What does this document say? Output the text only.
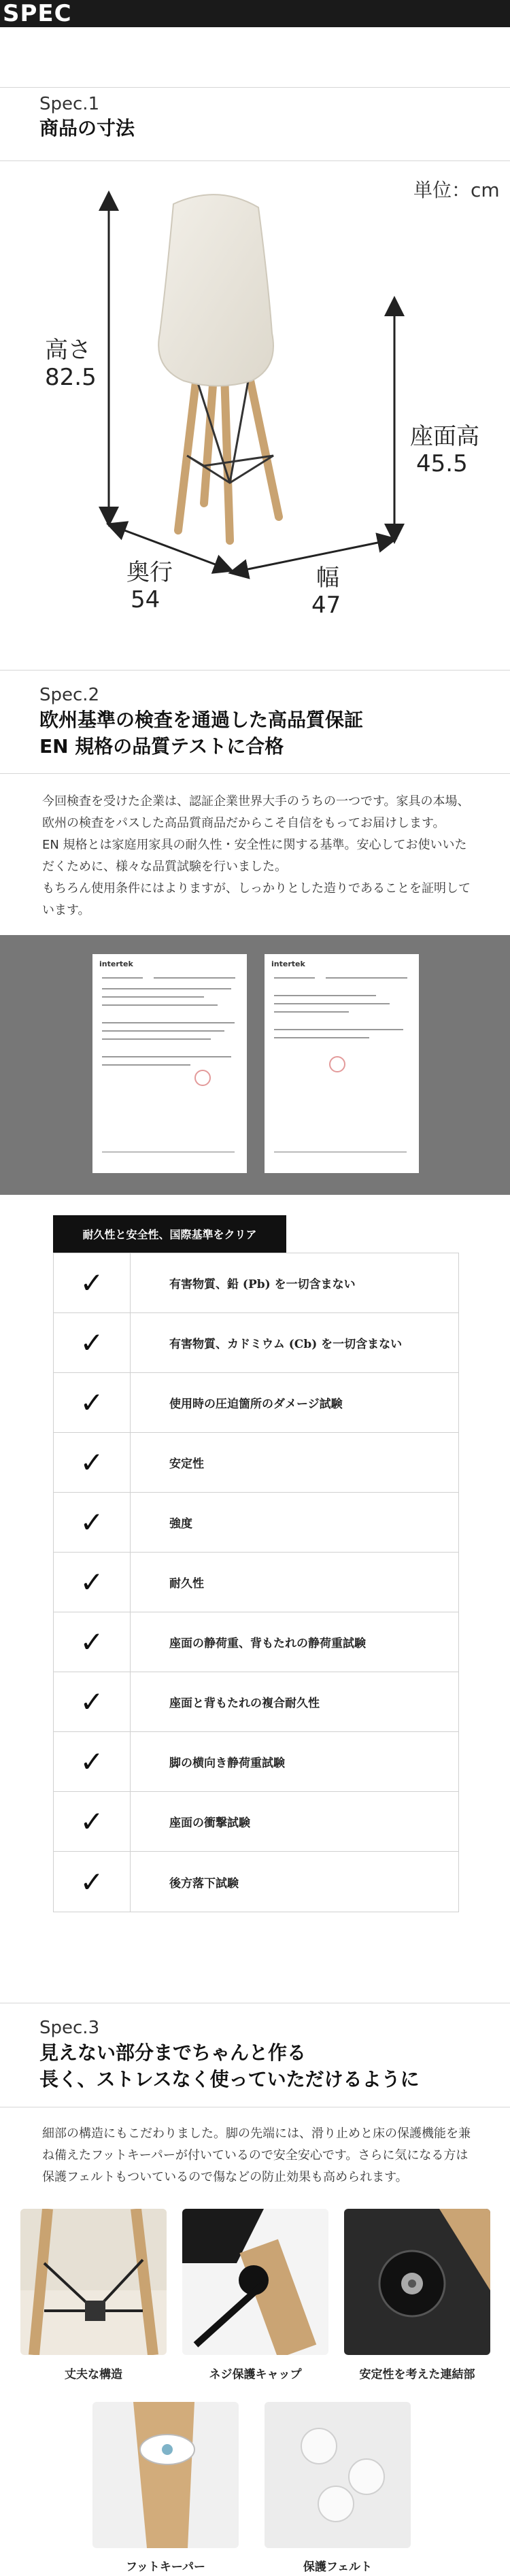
SPEC
Spec.1
商品の寸法
単位：cm
高さ
82.5
座面高
45.5
奥行
54
幅
47
Spec.2
欧州基準の検査を通過した高品質保証
EN 規格の品質テストに合格
今回検査を受けた企業は、認証企業世界大手のうちの一つです。家具の本場、
欧州の検査をパスした高品質商品だからこそ自信をもってお届けします。
EN 規格とは家庭用家具の耐久性・安全性に関する基準。安心してお使いいた
だくために、様々な品質試験を行いました。
もちろん使用条件にはよりますが、しっかりとした造りであることを証明して
います。
intertek	intertek
耐久性と安全性、国際基準をクリア
✓	有害物質、鉛 (Pb) を一切含まない
✓	有害物質、カドミウム (Cb) を一切含まない
✓	使用時の圧迫箇所のダメージ試験
✓	安定性
✓	強度
✓	耐久性
✓	座面の静荷重、背もたれの静荷重試験
✓	座面と背もたれの複合耐久性
✓	脚の横向き静荷重試験
✓	座面の衝撃試験
✓	後方落下試験
Spec.3
見えない部分までちゃんと作る
長く、ストレスなく使っていただけるように
細部の構造にもこだわりました。脚の先端には、滑り止めと床の保護機能を兼
ね備えたフットキーパーが付いているので安全安心です。さらに気になる方は
保護フェルトもついているので傷などの防止効果も高められます。
丈夫な構造	ネジ保護キャップ	安定性を考えた連結部
フットキーパー	保護フェルト
